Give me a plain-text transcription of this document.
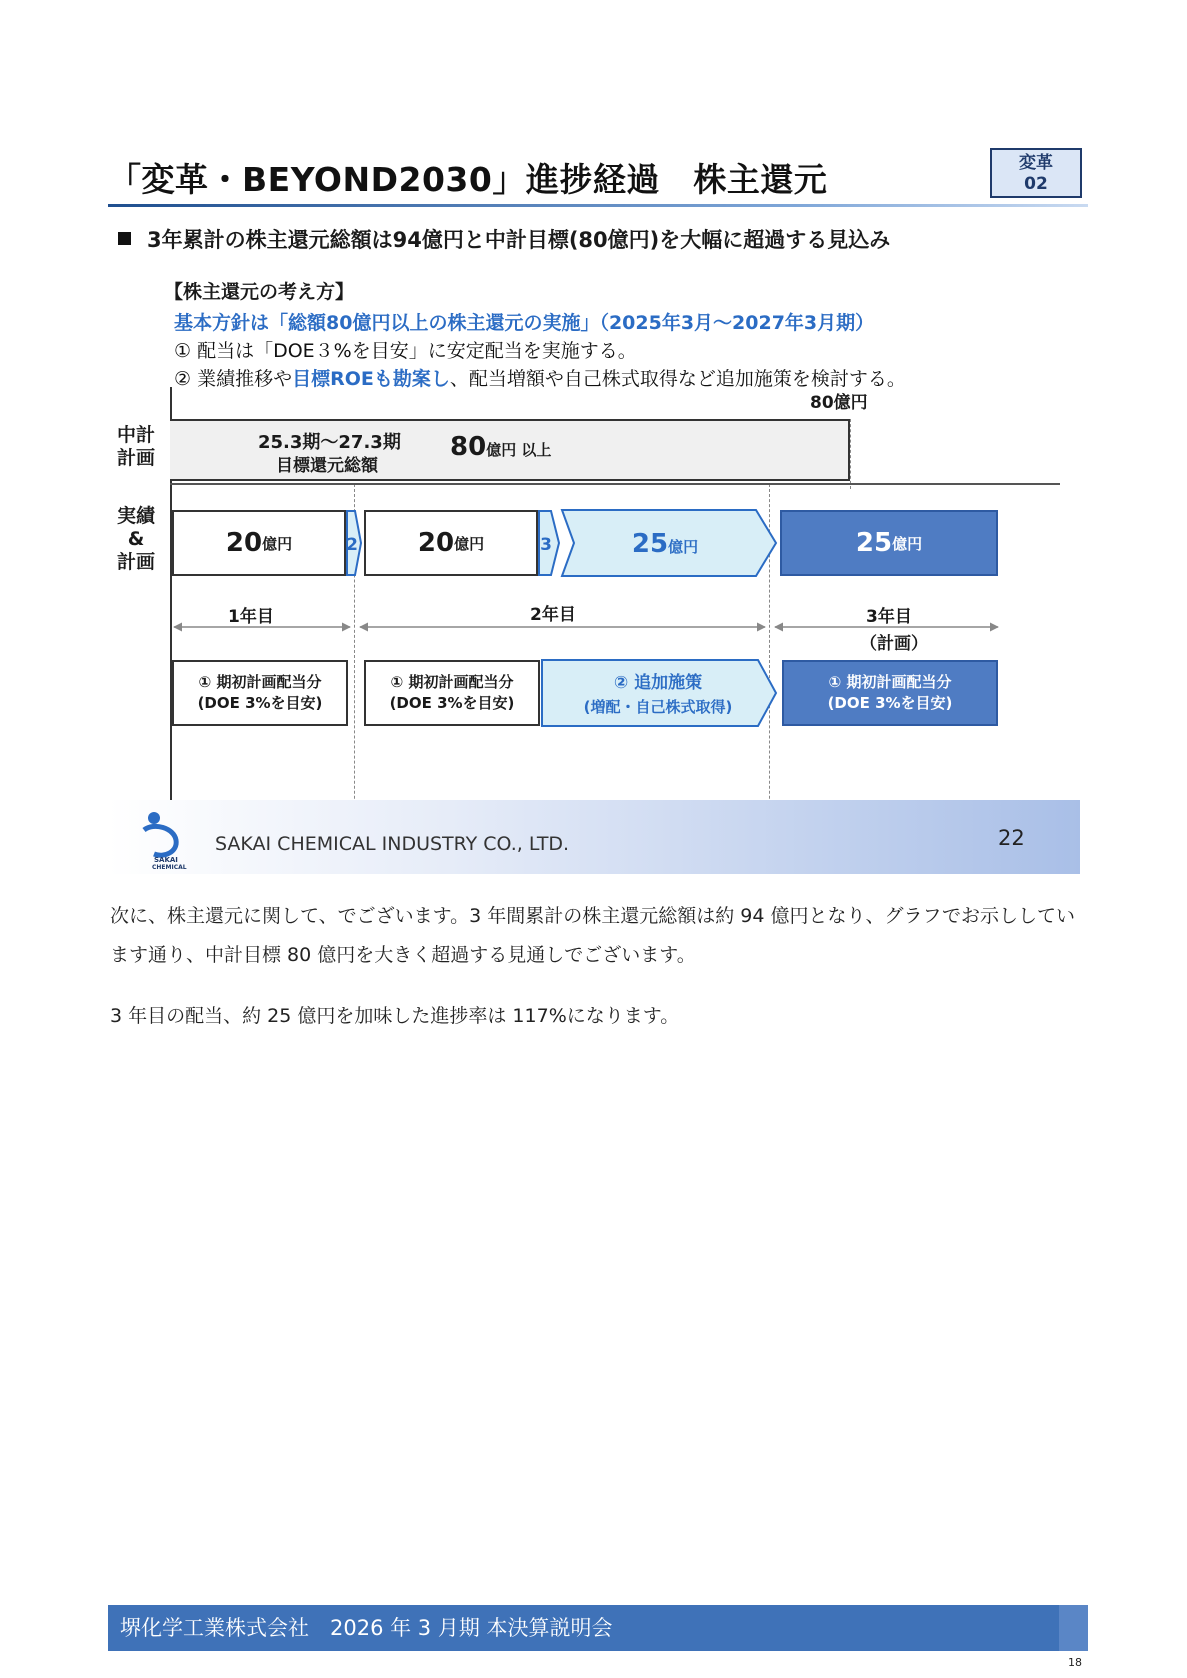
「変革・BEYOND2030」進捗経過　株主還元	変革
02
3年累計の株主還元総額は94億円と中計目標(80億円)を大幅に超過する見込み
【株主還元の考え方】
基本方針は「総額80億円以上の株主還元の実施」（2025年3月～2027年3月期）
① 配当は「DOE３%を目安」に安定配当を実施する。
② 業績推移や目標ROEも勘案し、配当増額や自己株式取得など追加施策を検討する。
中計
計画
実績
&
計画
80億円
25.3期～27.3期
目標還元総額
80億円 以上
20 億円	2 20 億円	3	25億円	25 億円
1年目	2年目	3年目
（計画）
① 期初計画配当分
(DOE 3%を目安)
① 期初計画配当分
(DOE 3%を目安)
② 追加施策
(増配・自己株式取得)
① 期初計画配当分
(DOE 3%を目安)
SAKAI
CHEMICAL
SAKAI CHEMICAL INDUSTRY CO., LTD.	22
次に、株主還元に関して、でございます。3 年間累計の株主還元総額は約 94 億円となり、グラフでお示ししています通り、中計目標 80 億円を大きく超過する見通しでございます。
3 年目の配当、約 25 億円を加味した進捗率は 117%になります。
堺化学工業株式会社　2026 年 3 月期 本決算説明会
18
